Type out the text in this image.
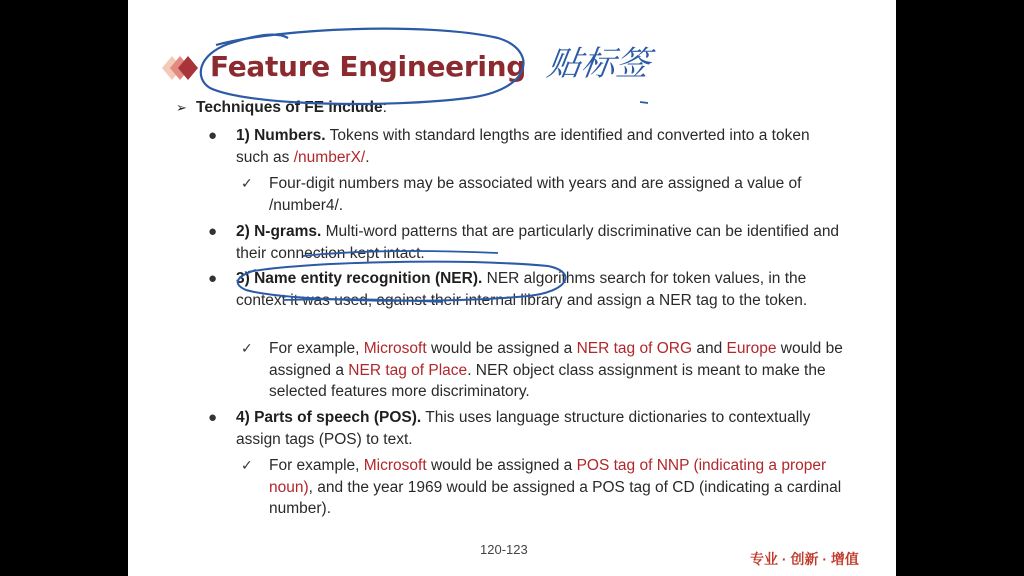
Feature Engineering 贴标签
➢ Techniques of FE include:
● 1) Numbers. Tokens with standard lengths are identified and converted into a token such as /numberX/.
✓ Four-digit numbers may be associated with years and are assigned a value of /number4/.
● 2) N-grams. Multi-word patterns that are particularly discriminative can be identified and their connection kept intact.
● 3) Name entity recognition (NER). NER algorithms search for token values, in the context it was used, against their internal library and assign a NER tag to the token.
✓ For example, Microsoft would be assigned a NER tag of ORG and Europe would be assigned a NER tag of Place. NER object class assignment is meant to make the selected features more discriminatory.
● 4) Parts of speech (POS). This uses language structure dictionaries to contextually assign tags (POS) to text.
✓ For example, Microsoft would be assigned a POS tag of NNP (indicating a proper noun), and the year 1969 would be assigned a POS tag of CD (indicating a cardinal number).
120-123
专业 · 创新 · 增值
